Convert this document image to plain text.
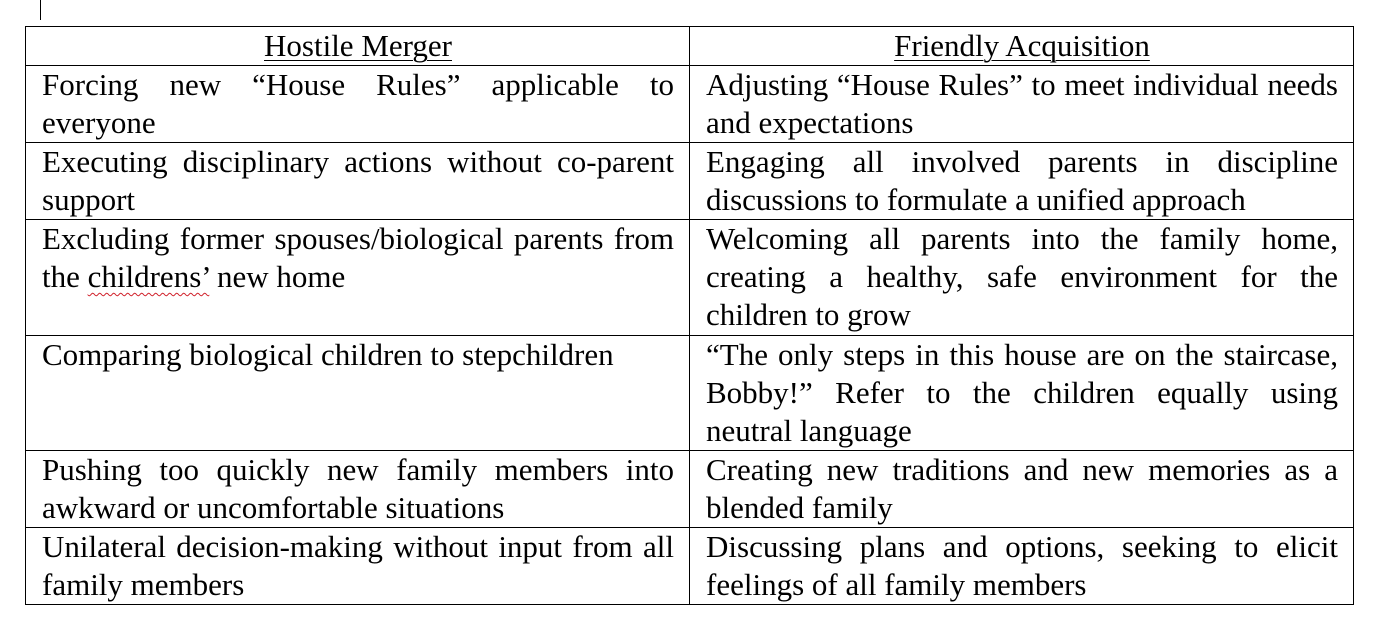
Hostile Merger	Friendly Acquisition
Forcing new “House Rules” applicable to everyone	Adjusting “House Rules” to meet individual needs and expectations
Executing disciplinary actions without co-parent support	Engaging all involved parents in discipline discussions to formulate a unified approach
Excluding former spouses/biological parents from the childrens’ new home	Welcoming all parents into the family home, creating a healthy, safe environment for the children to grow
Comparing biological children to stepchildren	“The only steps in this house are on the staircase, Bobby!” Refer to the children equally using neutral language
Pushing too quickly new family members into awkward or uncomfortable situations	Creating new traditions and new memories as a blended family
Unilateral decision-making without input from all family members	Discussing plans and options, seeking to elicit feelings of all family members
